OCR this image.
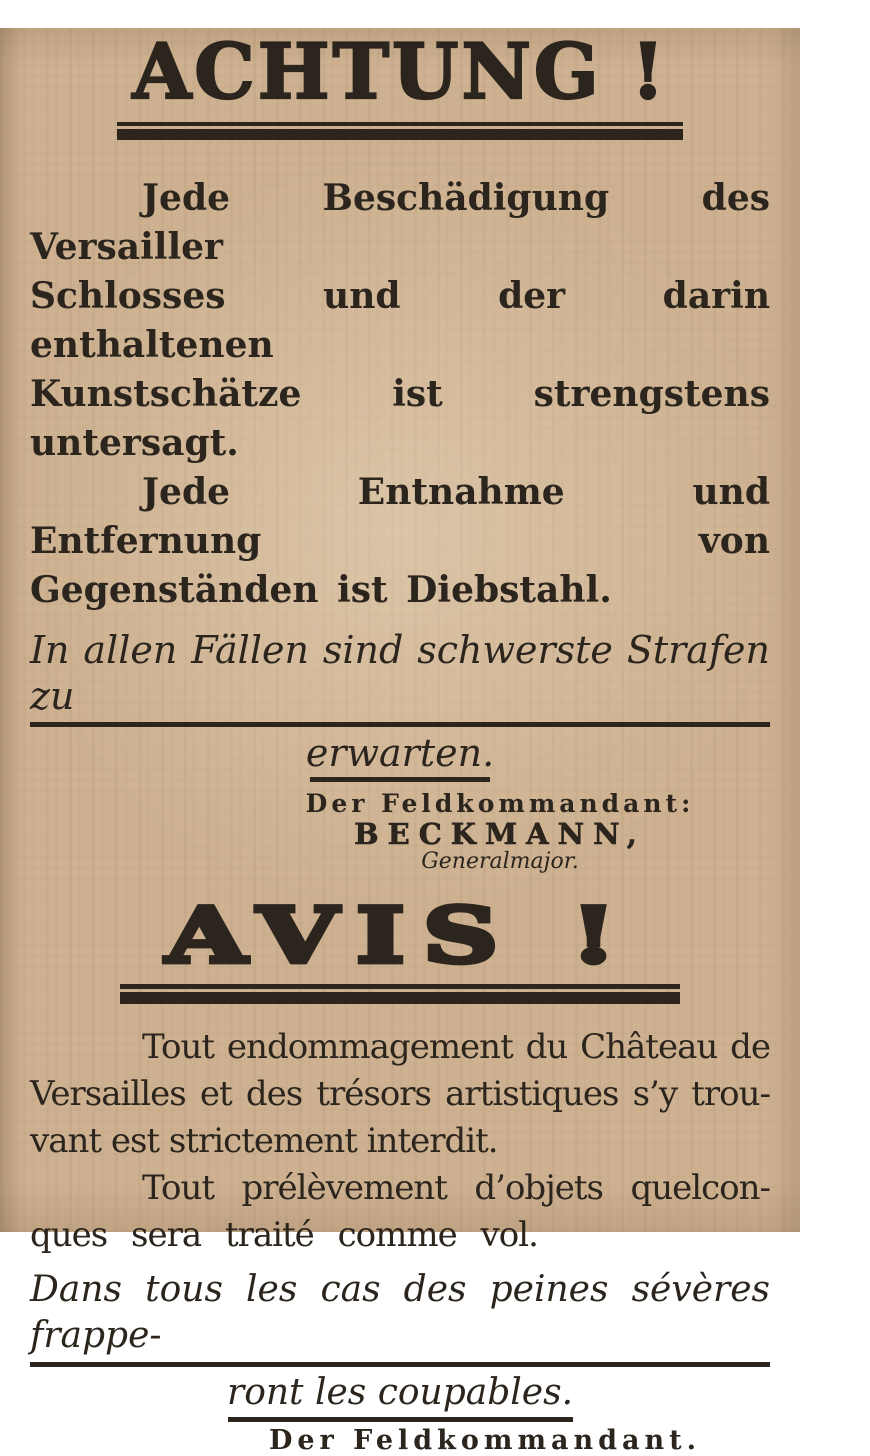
ACHTUNG !
Jede Beschädigung des Versailler
Schlosses und der darin enthaltenen
Kunstschätze ist strengstens untersagt.
Jede Entnahme und Entfernung von
Gegenständen ist Diebstahl.
In allen Fällen sind schwerste Strafen zu
erwarten.
Der Feldkommandant:
BECKMANN,
Generalmajor.
AVIS !
Tout endommagement du Château de
Versailles et des trésors artistiques s’y trou-
vant est strictement interdit.
Tout prélèvement d’objets quelcon-
ques sera traité comme vol.
Dans tous les cas des peines sévères frappe-
ront les coupables.
Der Feldkommandant.
